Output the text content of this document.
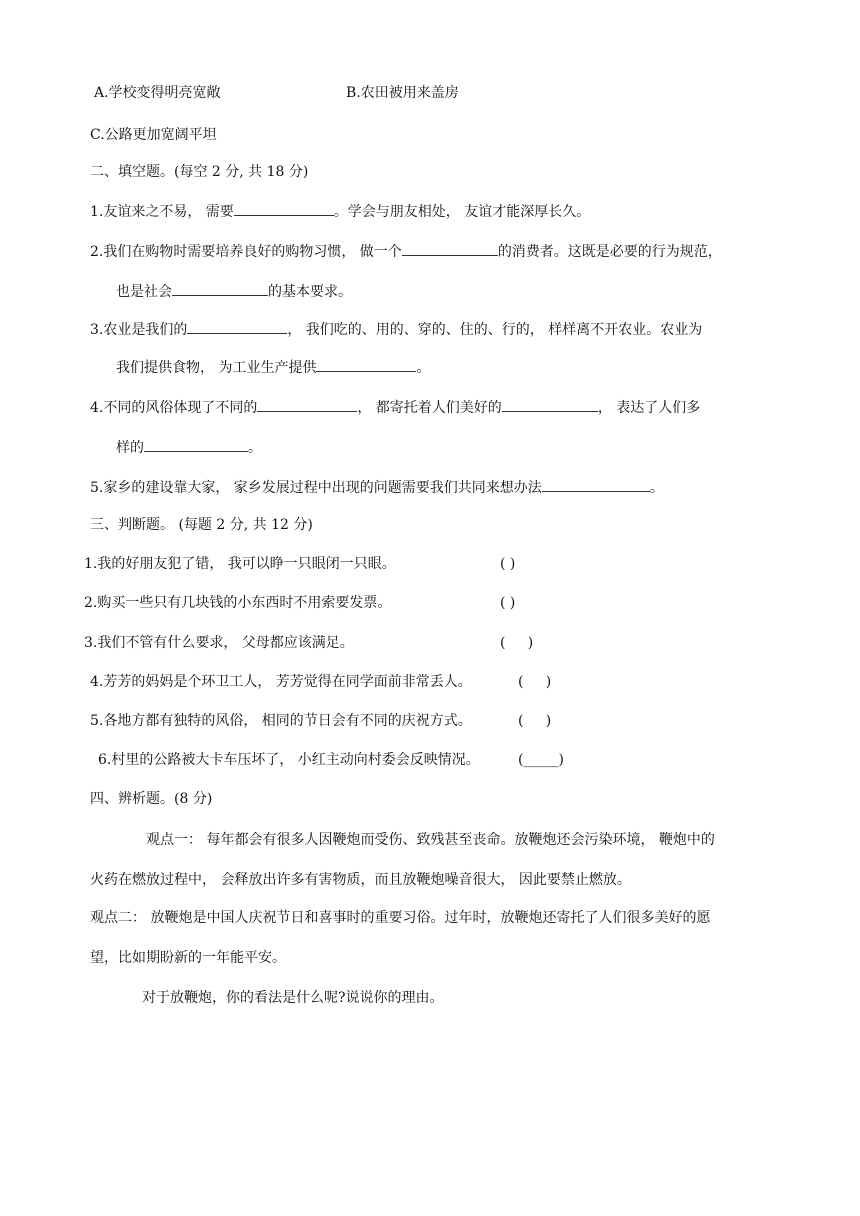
A.学校变得明亮宽敞	B.农田被用来盖房
C.公路更加宽阔平坦
二、填空题。(每空 2 分, 共 18 分)
1.友谊来之不易， 需要	。学会与朋友相处， 友谊才能深厚长久。
2.我们在购物时需要培养良好的购物习惯， 做一个	的消费者。这既是必要的行为规范，
也是社会	的基本要求。
3.农业是我们的	， 我们吃的、用的、穿的、住的、行的， 样样离不开农业。农业为
我们提供食物， 为工业生产提供	。
4.不同的风俗体现了不同的	， 都寄托着人们美好的	， 表达了人们多
样的	。
5.家乡的建设靠大家， 家乡发展过程中出现的问题需要我们共同来想办法	。
三、判断题。 (每题 2 分, 共 12 分)
1.我的好朋友犯了错， 我可以睁一只眼闭一只眼。	( )
2.购买一些只有几块钱的小东西时不用索要发票。	( )
3.我们不管有什么要求， 父母都应该满足。	(     )
4.芳芳的妈妈是个环卫工人， 芳芳觉得在同学面前非常丢人。	(     )
5.各地方都有独特的风俗， 相同的节日会有不同的庆祝方式。	(     )
6.村里的公路被大卡车压坏了， 小红主动向村委会反映情况。	(_____)
四、辨析题。(8 分)
观点一： 每年都会有很多人因鞭炮而受伤、致残甚至丧命。放鞭炮还会污染环境， 鞭炮中的
火药在燃放过程中， 会释放出许多有害物质，而且放鞭炮噪音很大， 因此要禁止燃放。
观点二： 放鞭炮是中国人庆祝节日和喜事时的重要习俗。过年时，放鞭炮还寄托了人们很多美好的愿
望，比如期盼新的一年能平安。
对于放鞭炮，你的看法是什么呢?说说你的理由。
